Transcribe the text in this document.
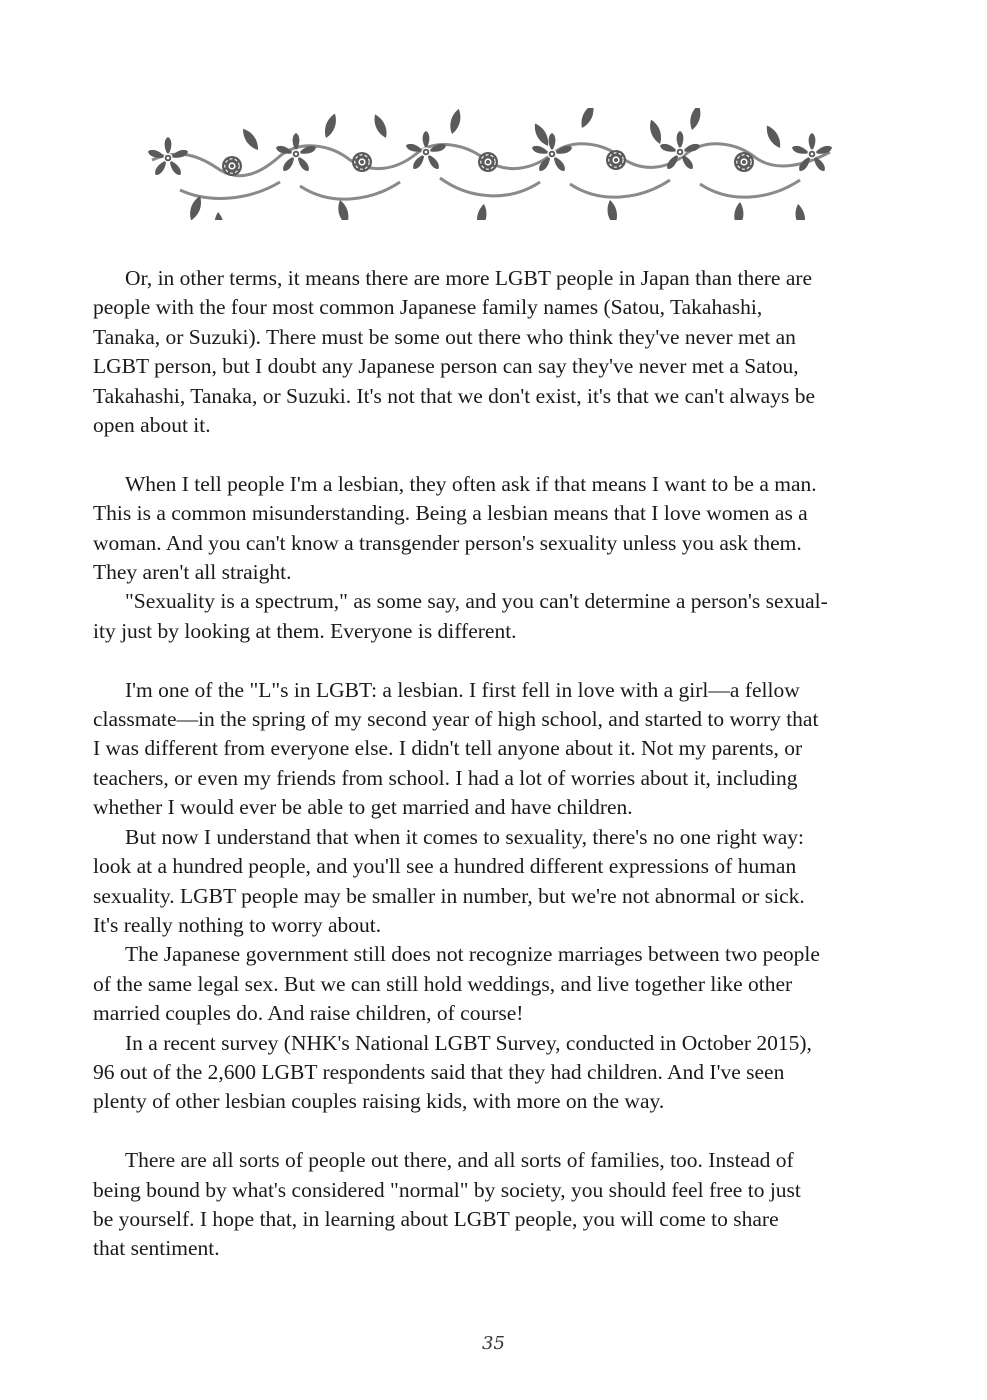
Or, in other terms, it means there are more LGBT people in Japan than there are
people with the four most common Japanese family names (Satou, Takahashi,
Tanaka, or Suzuki). There must be some out there who think they've never met an
LGBT person, but I doubt any Japanese person can say they've never met a Satou,
Takahashi, Tanaka, or Suzuki. It's not that we don't exist, it's that we can't always be
open about it.

When I tell people I'm a lesbian, they often ask if that means I want to be a man.
This is a common misunderstanding. Being a lesbian means that I love women as a
woman. And you can't know a transgender person's sexuality unless you ask them.
They aren't all straight.

"Sexuality is a spectrum," as some say, and you can't determine a person's sexual-
ity just by looking at them. Everyone is different.

I'm one of the "L"s in LGBT: a lesbian. I first fell in love with a girl—a fellow
classmate—in the spring of my second year of high school, and started to worry that
I was different from everyone else. I didn't tell anyone about it. Not my parents, or
teachers, or even my friends from school. I had a lot of worries about it, including
whether I would ever be able to get married and have children.

But now I understand that when it comes to sexuality, there's no one right way:
look at a hundred people, and you'll see a hundred different expressions of human
sexuality. LGBT people may be smaller in number, but we're not abnormal or sick.
It's really nothing to worry about.

The Japanese government still does not recognize marriages between two people
of the same legal sex. But we can still hold weddings, and live together like other
married couples do. And raise children, of course!

In a recent survey (NHK's National LGBT Survey, conducted in October 2015),
96 out of the 2,600 LGBT respondents said that they had children. And I've seen
plenty of other lesbian couples raising kids, with more on the way.

There are all sorts of people out there, and all sorts of families, too. Instead of
being bound by what's considered "normal" by society, you should feel free to just
be yourself. I hope that, in learning about LGBT people, you will come to share
that sentiment.

35
